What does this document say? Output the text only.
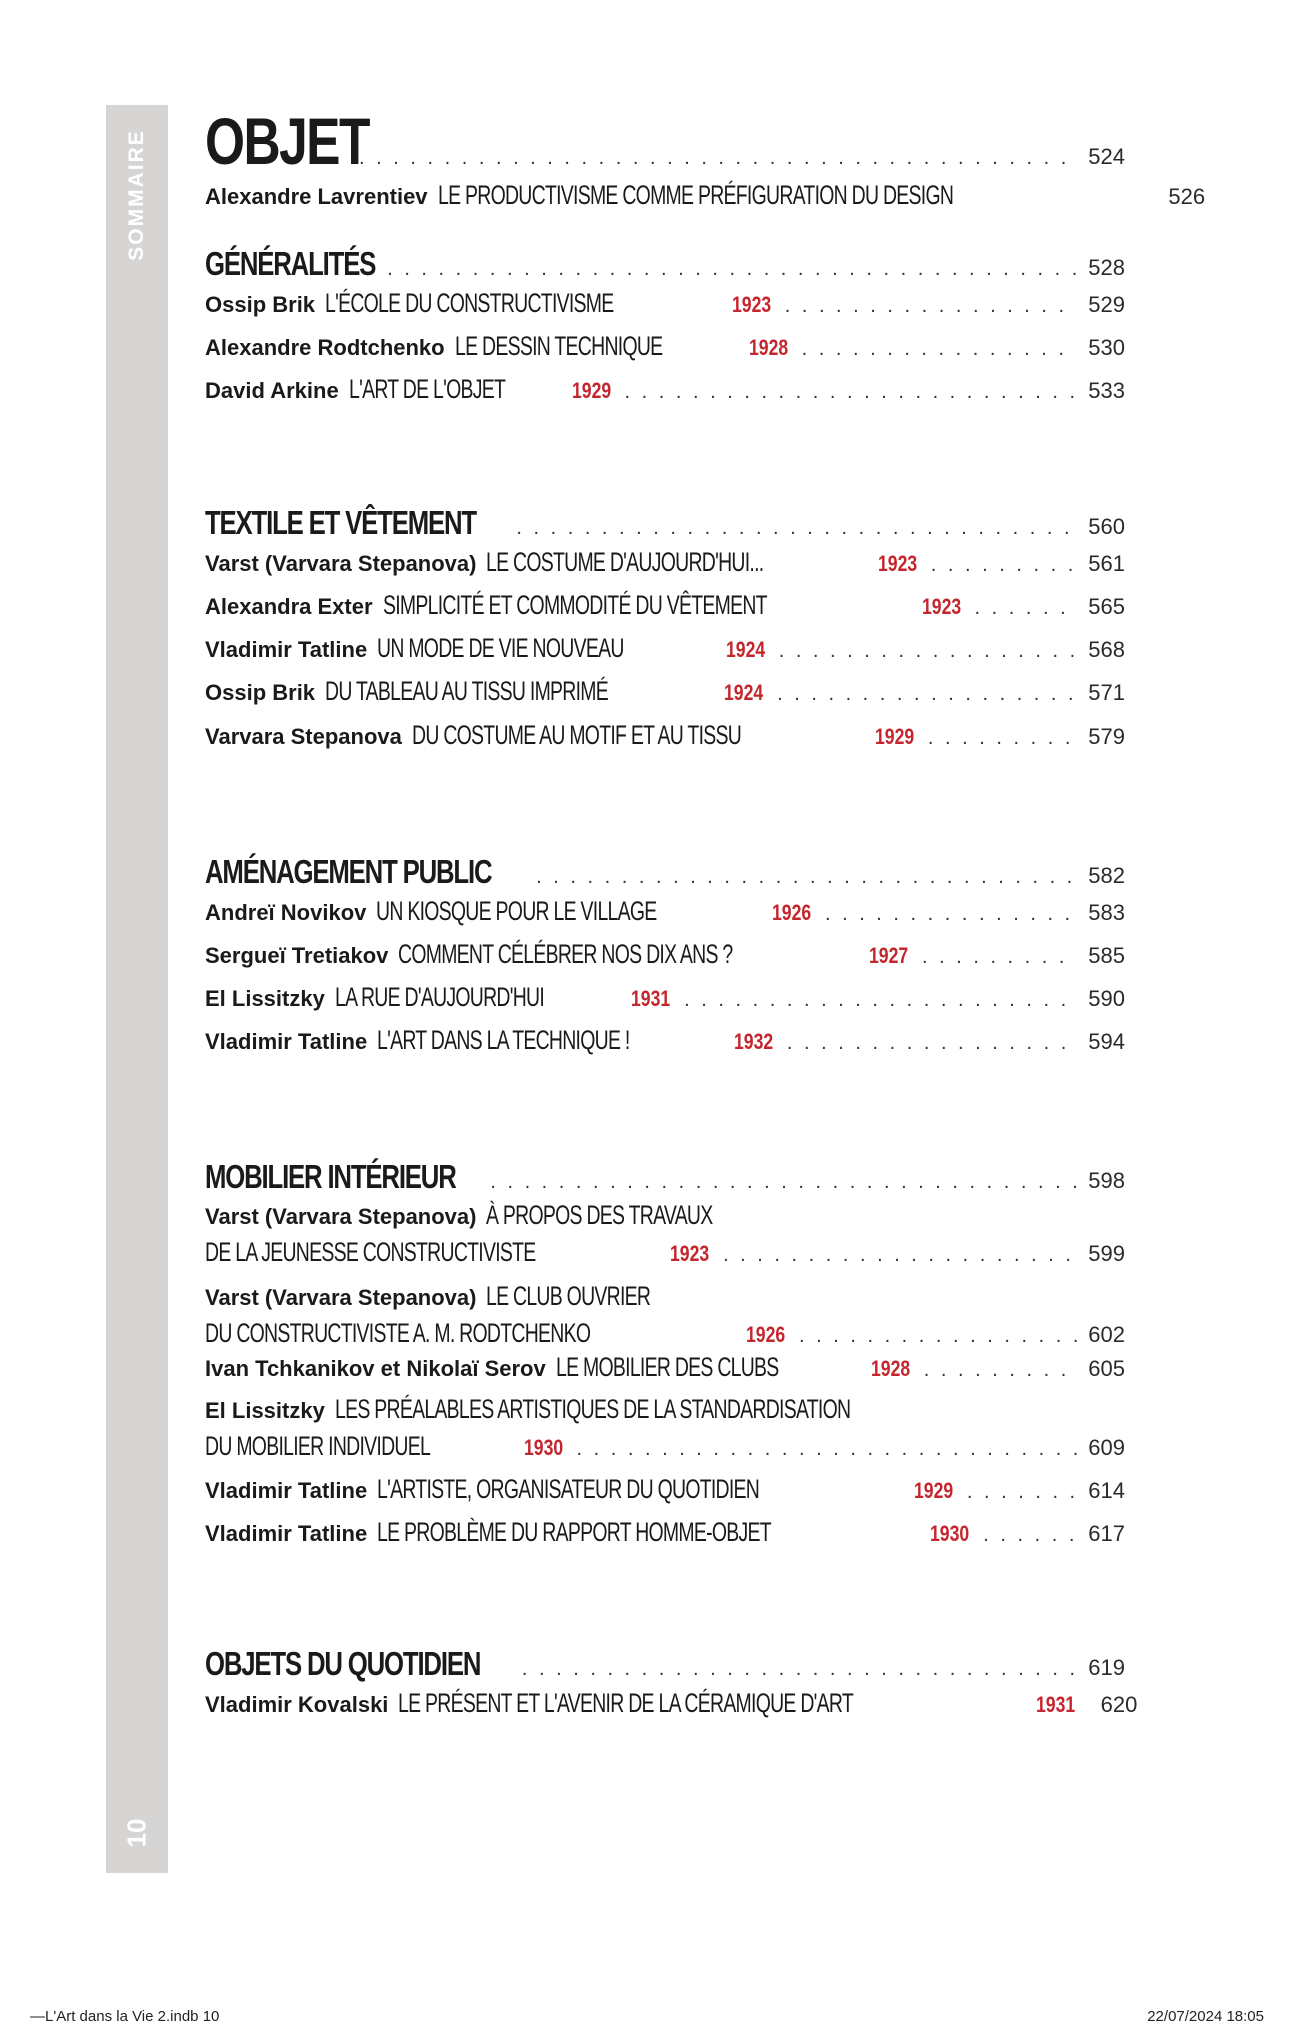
SOMMAIRE
10
OBJET . . .	524
Alexandre Lavrentiev LE PRODUCTIVISME COMME PRÉFIGURATION DU DESIGN	526
GÉNÉRALITÉS . . .	528
Ossip Brik L'ÉCOLE DU CONSTRUCTIVISME	1923 . . .	529
Alexandre Rodtchenko LE DESSIN TECHNIQUE	1928 . . .	530
David Arkine L'ART DE L'OBJET	1929 . . .	533
TEXTILE ET VÊTEMENT . . .	560
Varst (Varvara Stepanova) LE COSTUME D'AUJOURD'HUI...	1923 . . .	561
Alexandra Exter SIMPLICITÉ ET COMMODITÉ DU VÊTEMENT	1923 . . .	565
Vladimir Tatline UN MODE DE VIE NOUVEAU	1924 . . .	568
Ossip Brik DU TABLEAU AU TISSU IMPRIMÉ	1924 . . .	571
Varvara Stepanova DU COSTUME AU MOTIF ET AU TISSU	1929 . . .	579
AMÉNAGEMENT PUBLIC . . .	582
Andreï Novikov UN KIOSQUE POUR LE VILLAGE	1926 . . .	583
Sergueï Tretiakov COMMENT CÉLÉBRER NOS DIX ANS ?	1927 . . .	585
El Lissitzky LA RUE D'AUJOURD'HUI	1931 . . .	590
Vladimir Tatline L'ART DANS LA TECHNIQUE !	1932 . . .	594
MOBILIER INTÉRIEUR . . .	598
Varst (Varvara Stepanova) À PROPOS DES TRAVAUX
DE LA JEUNESSE CONSTRUCTIVISTE	1923 . . .	599
Varst (Varvara Stepanova) LE CLUB OUVRIER
DU CONSTRUCTIVISTE A. M. RODTCHENKO	1926 . . .	602
Ivan Tchkanikov et Nikolaï Serov LE MOBILIER DES CLUBS	1928 . . .	605
El Lissitzky LES PRÉALABLES ARTISTIQUES DE LA STANDARDISATION
DU MOBILIER INDIVIDUEL	1930 . . .	609
Vladimir Tatline L'ARTISTE, ORGANISATEUR DU QUOTIDIEN	1929 . . .	614
Vladimir Tatline LE PROBLÈME DU RAPPORT HOMME-OBJET	1930 . . .	617
OBJETS DU QUOTIDIEN . . .	619
Vladimir Kovalski LE PRÉSENT ET L'AVENIR DE LA CÉRAMIQUE D'ART	1931	620
—L'Art dans la Vie 2.indb 10	22/07/2024 18:05
